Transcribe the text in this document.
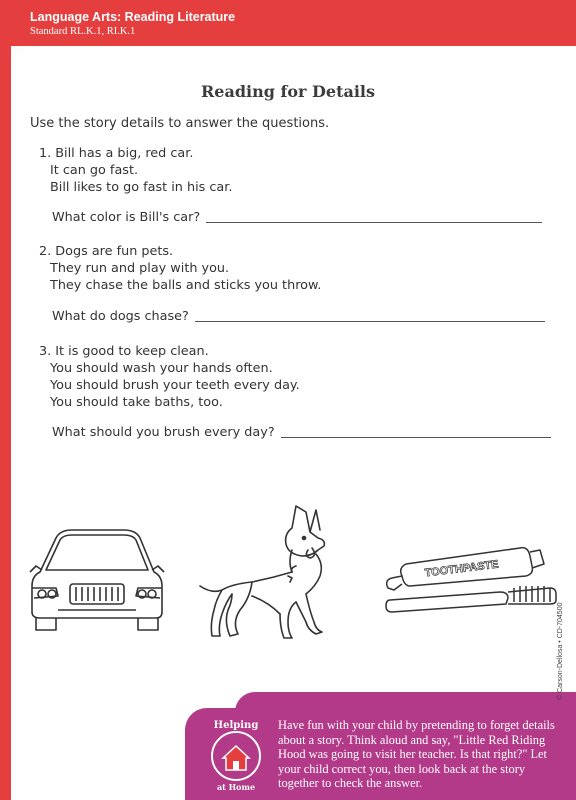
Language Arts: Reading Literature
Standard RL.K.1, RI.K.1
Reading for Details
Use the story details to answer the questions.
1. Bill has a big, red car.
It can go fast.
Bill likes to go fast in his car.
What color is Bill's car?
2. Dogs are fun pets.
They run and play with you.
They chase the balls and sticks you throw.
What do dogs chase?
3. It is good to keep clean.
You should wash your hands often.
You should brush your teeth every day.
You should take baths, too.
What should you brush every day?
TOOTHPASTE
Helping
at Home
Have fun with your child by pretending to forget details about a story. Think aloud and say, "Little Red Riding Hood was going to visit her teacher. Is that right?" Let your child correct you, then look back at the story together to check the answer.
10
© Carson-Dellosa • CD-704500
